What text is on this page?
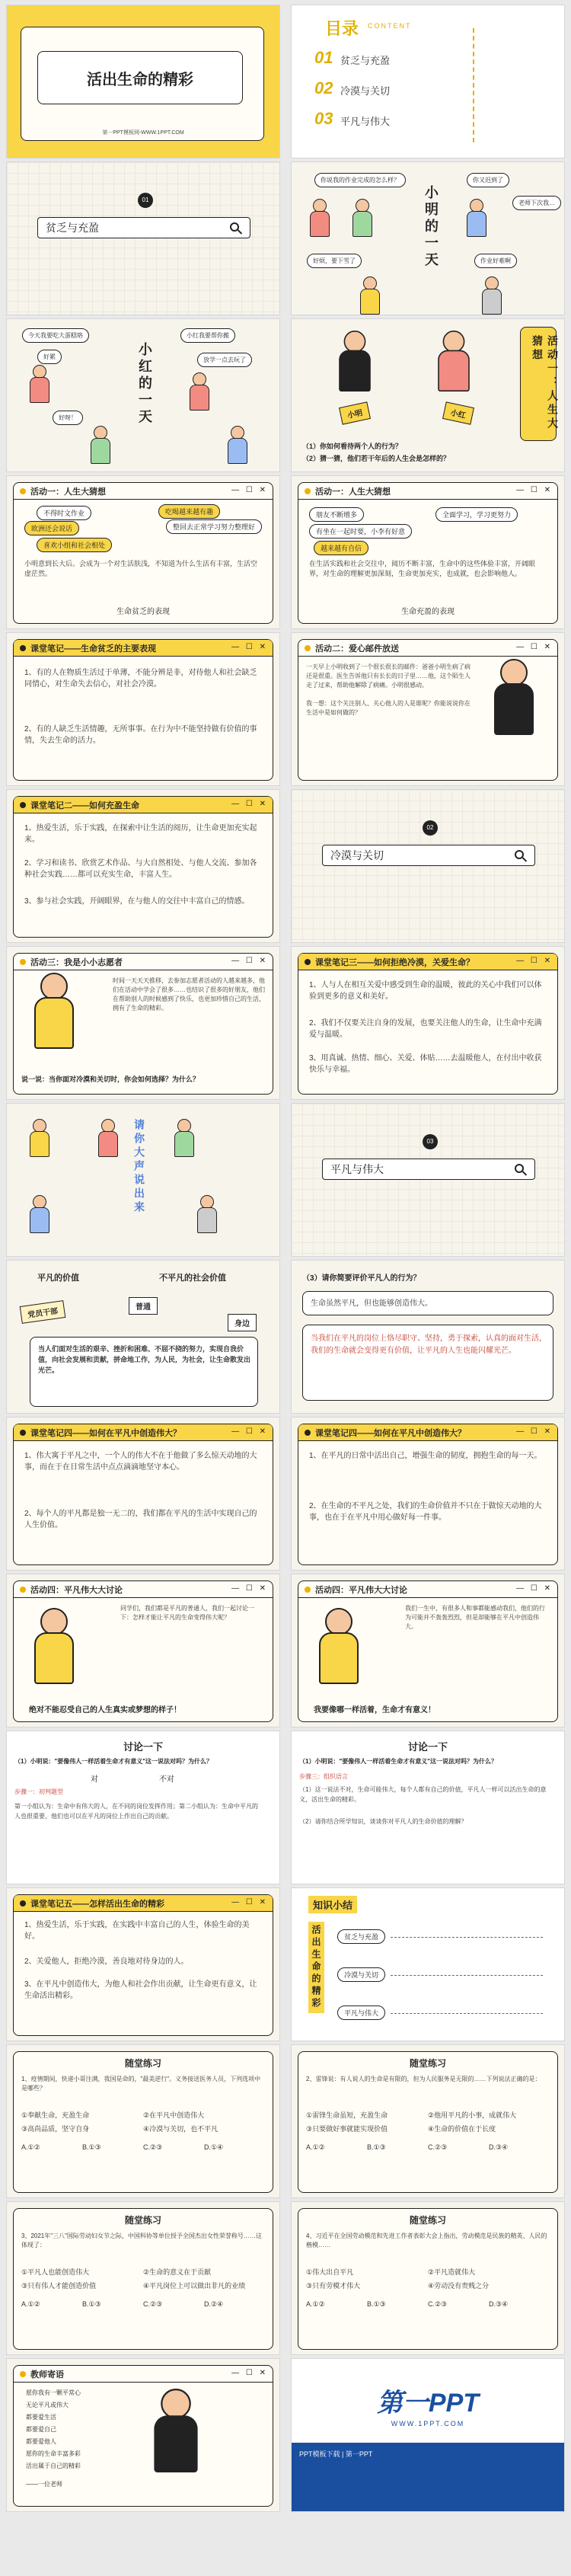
活出生命的精彩
第一PPT模板网-WWW.1PPT.COM
目录 CONTENT
01 贫乏与充盈
02 冷漠与关切
03 平凡与伟大
01
贫乏与充盈	小明的一天
你说我的作业完成的怎么样？	你又迟到了
老师下次我…
好烦，要下雪了	作业好难啊
小红的一天
今天我要吃大蛋糕咯	小红我要帮你搬
好累	放学一点去玩了
好呀！	活动一：人生大猜想
小明	小红
（1）你如何看待两个人的行为？
（2）猜一猜，他们若干年后的人生会是怎样的？
活动一：人生大猜想	— ☐ ✕
不得时文作业	吃喝越来越有趣
欧洲还会说话	整回去正常学习努力整理好
喜欢小组和社会相处
小明意到长大后。会成为一个对生活肤浅，不知道为什么生活有丰富，生活空虚茫然。
生命贫乏的表现
活动一：人生大猜想	— ☐ ✕
朋友不断增多	全面学习，学习更努力
有坐在一起时要，小李有好意
越来越有自信
在生活实践和社会交往中，阅历不断丰富，生命中的这些体验丰富，开阔眼界，对生命的理解更加深刻，生命更加充实，也成就，也会影响他人。
生命充盈的表现
课堂笔记——生命贫乏的主要表现	— ☐ ✕
1、有的人在物质生活过于单薄，不能分辨是非，对待他人和社会缺乏同情心，对生命失去信心，对社会冷漠。
2、有的人缺乏生活情趣，无所事事。在行为中不能坚持做有价值的事情，失去生命的活力。
活动二：爱心邮件放送	— ☐ ✕
一天早上小明收到了一个很长很长的邮件：爸爸小明生病了病还是很重。医生告诉他只有长长的日子里……他，这个陌生人走了过来，帮助他解除了病痛。小明很感动。

我一想：这个关注别人、关心他人的人是谁呢？你能说说你在生活中是如何做的？
课堂笔记二——如何充盈生命	— ☐ ✕
1、热爱生活，乐于实践，在探索中让生活的阅历，让生命更加充实起来。
2、学习和读书、欣赏艺术作品、与大自然相处、与他人交流、参加各种社会实践……都可以充实生命，丰富人生。
3、参与社会实践，开阔眼界，在与他人的交往中丰富自己的情感。
02
冷漠与关切
活动三：我是小小志愿者	— ☐ ✕
时间一天天天推移，去参加志愿者活动的人越来越多，他们在活动中学会了很多……也结识了很多的好朋友，他们在帮助别人的时候感到了快乐，也更加珍惜自己的生活，拥有了生命的精彩。
说一说：当你面对冷漠和关切时，你会如何选择？为什么？
课堂笔记三——如何拒绝冷漠，关爱生命？	— ☐ ✕
1、人与人在相互关爱中感受到生命的温暖，彼此的关心中我们可以体验到更多的意义和美好。
2、我们不仅要关注自身的发展，也要关注他人的生命，让生命中充满爱与温暖。
3、用真诚、热情、细心、关爱、体贴……去温暖他人，在付出中收获快乐与幸福。
请你大声说出来	03
平凡与伟大
平凡的价值	不平凡的社会价值
党员干部	普通
身边
当人们面对生活的艰辛、挫折和困难、不屈不挠的努力，实现自我价值，向社会发展和贡献，拼命地工作，为人民，为社会，让生命散发出光芒。
（3）请你简要评价平凡人的行为？
生命虽然平凡，但也能够创造伟大。
当我们在平凡的岗位上恪尽职守、坚持，勇于探索，认真的面对生活，我们的生命就会变得更有价值，让平凡的人生也能闪耀光芒。
课堂笔记四——如何在平凡中创造伟大？	— ☐ ✕
1、伟大寓于平凡之中，一个人的伟大不在于他做了多么惊天动地的大事，而在于在日常生活中点点滴滴地坚守本心。
2、每个人的平凡都是独一无二的，我们都在平凡的生活中实现自己的人生价值。
课堂笔记四——如何在平凡中创造伟大？	— ☐ ✕
1、在平凡的日常中活出自己，增强生命的韧度，拥抱生命的每一天。
2、在生命的不平凡之处，我们的生命价值并不只在于做惊天动地的大事，也在于在平凡中用心做好每一件事。
活动四：平凡伟大大讨论	— ☐ ✕
同学们，我们都是平凡的普通人，我们一起讨论一下：怎样才能让平凡的生命变得伟大呢？
绝对不能忍受自己的人生真实或梦想的样子！
活动四：平凡伟大大讨论	— ☐ ✕
我们一生中，有很多人和事都能感动我们，他们的行为可能并不轰轰烈烈，但是却能够在平凡中创造伟大。
我要像哪一样活着，生命才有意义！
讨论一下
（1）小明说："要像伟人一样活着生命才有意义"这一说法对吗？为什么？
对	不对
步骤一：初判题型
第一小组认为：生命中有伟大的人，在不同的岗位发挥作用；第二小组认为：生命中平凡的人也很重要，他们也可以在平凡的岗位上作出自己的贡献。
讨论一下
（1）小明说："要像伟人一样活着生命才有意义"这一说法对吗？为什么？
步骤三：组织语言
（1）这一说法不对，生命可能伟大，每个人都有自己的价值，平凡人一样可以活出生命的意义，活出生命的精彩。
（2）请你结合所学知识，谈谈你对平凡人的生命价值的理解？
课堂笔记五——怎样活出生命的精彩	— ☐ ✕
1、热爱生活，乐于实践，在实践中丰富自己的人生，体验生命的美好。
2、关爱他人，拒绝冷漠，善良地对待身边的人。
3、在平凡中创造伟大，为他人和社会作出贡献，让生命更有意义，让生命活出精彩。
知识小结
活出生命的精彩	贫乏与充盈
冷漠与关切
平凡与伟大
随堂练习
1、疫情期间，快递小哥注满，我国是命的，"最美逆行"。义务接送医务人员，下列选项中是哪些？
①奉献生命，充盈生命	②在平凡中创造伟大
③高尚品质，坚守自身	④冷漠与关切，也不平凡
A.①②	B.①③	C.②③	D.①④
随堂练习
2、雷锋说：有人说人的生命是有限的，但为人民服务是无限的……下列说法正确的是：
①雷锋生命虽短，充盈生命	②他用平凡的小事，成就伟大
③只要做好事就能实现价值	④生命的价值在于长度
A.①②	B.①③	C.②③	D.③④
随堂练习
3、2021年"三八"国际劳动妇女节之际，中国科协等单位授予全国杰出女性荣誉称号……这体现了：
①平凡人也能创造伟大	②生命的意义在于贡献
③只有伟人才能创造价值	④平凡岗位上可以做出非凡的业绩
A.①②	B.①③	C.②③	D.②④
随堂练习
4、习近平在全国劳动模范和先进工作者表彰大会上指出，劳动模范是民族的精英、人民的楷模……
①伟大出自平凡	②平凡造就伟大
③只有劳模才伟大	④劳动没有贵贱之分
A.①②	B.①③	C.②③	D.③④
教师寄语	— ☐ ✕
愿你我有一颗平常心
无论平凡或伟大
都要爱生活
都要爱自己
都要爱他人
愿你的生命丰富多彩
活出属于自己的精彩
——一位老师
第一PPT
WWW.1PPT.COM
PPT模板下载 | 第一PPT
